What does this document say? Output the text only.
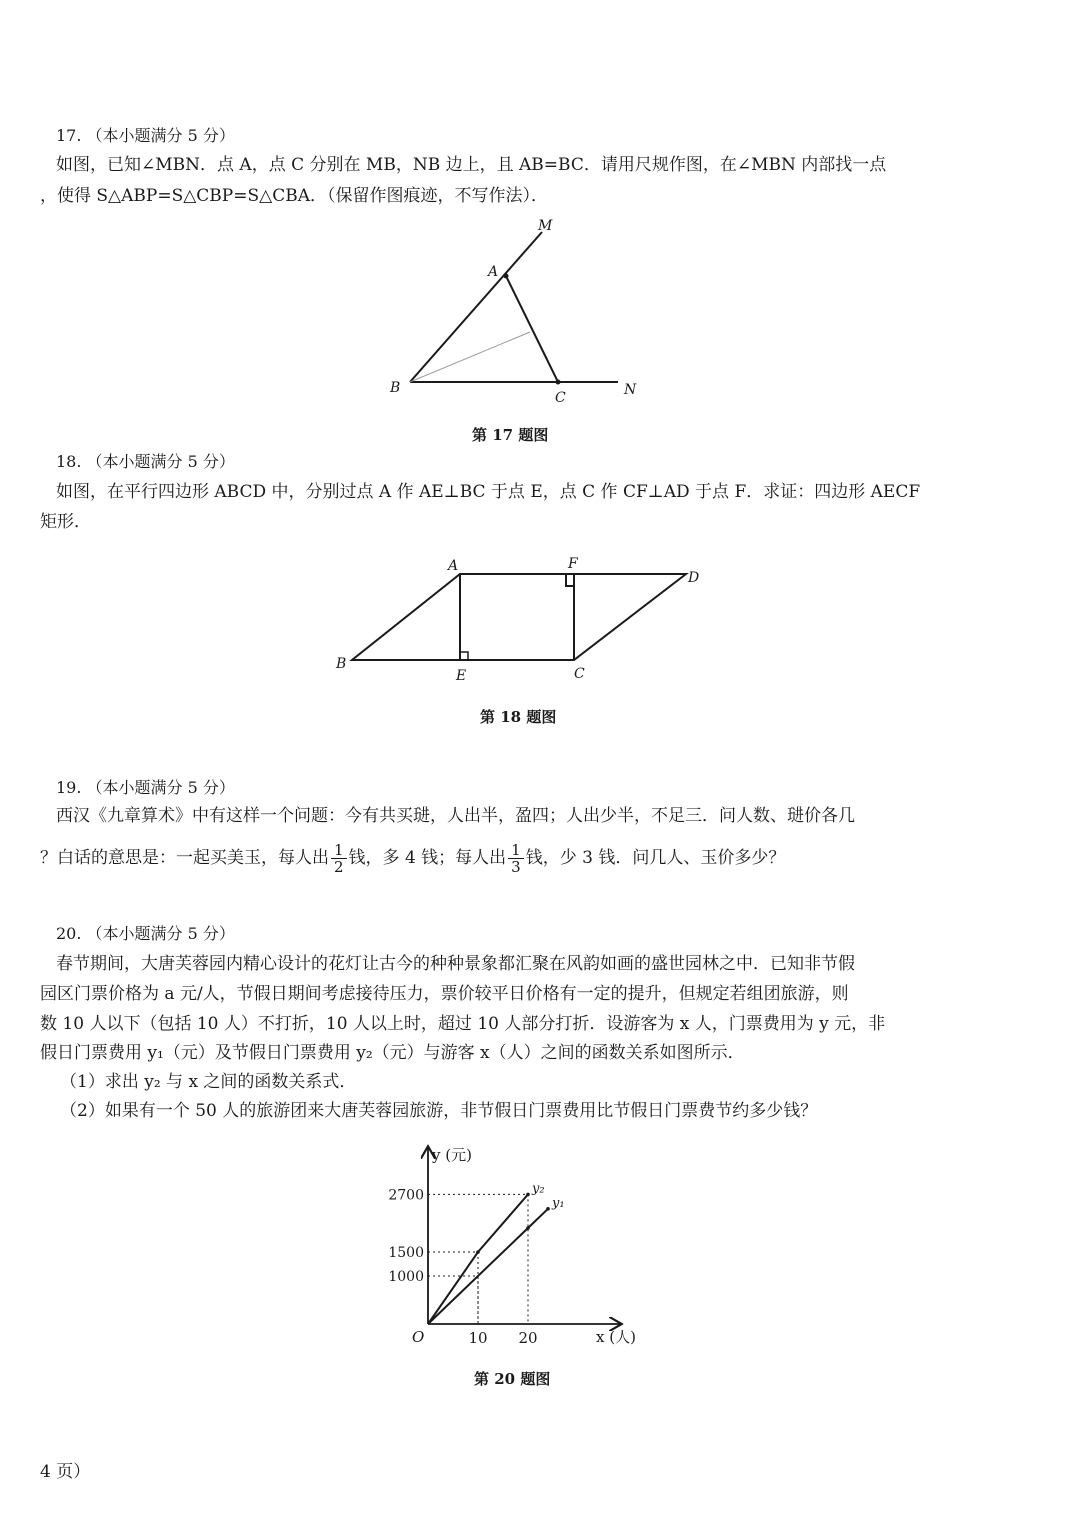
17. （本小题满分 5 分）
如图，已知∠MBN．点 A，点 C 分别在 MB，NB 边上，且 AB=BC．请用尺规作图，在∠MBN 内部找一点
，使得 S△ABP=S△CBP=S△CBA．（保留作图痕迹，不写作法）．
M
A
B
C	N
第 17 题图
18. （本小题满分 5 分）
如图，在平行四边形 ABCD 中，分别过点 A 作 AE⊥BC 于点 E，点 C 作 CF⊥AD 于点 F．求证：四边形 AECF
矩形．
A	F
D
B
E	C
第 18 题图
19. （本小题满分 5 分）
西汉《九章算术》中有这样一个问题：今有共买琎，人出半，盈四；人出少半，不足三．问人数、琎价各几
？白话的意思是：一起买美玉，每人出 $\frac{1}{2}$ 钱，多 4 钱；每人出 $\frac{1}{3}$ 钱，少 3 钱．问几人、玉价多少？
20. （本小题满分 5 分）
春节期间，大唐芙蓉园内精心设计的花灯让古今的种种景象都汇聚在风韵如画的盛世园林之中．已知非节假
园区门票价格为 a 元/人，节假日期间考虑接待压力，票价较平日价格有一定的提升，但规定若组团旅游，则
数 10 人以下（包括 10 人）不打折，10 人以上时，超过 10 人部分打折．设游客为 x 人，门票费用为 y 元，非
假日门票费用 y₁（元）及节假日门票费用 y₂（元）与游客 x（人）之间的函数关系如图所示．
（1）求出 y₂ 与 x 之间的函数关系式．
（2）如果有一个 50 人的旅游团来大唐芙蓉园旅游，非节假日门票费用比节假日门票费节约多少钱？
y₂
y₁
10 20
1000
1500
2700
y (元)
x (人)
O
第 20 题图
4 页）
